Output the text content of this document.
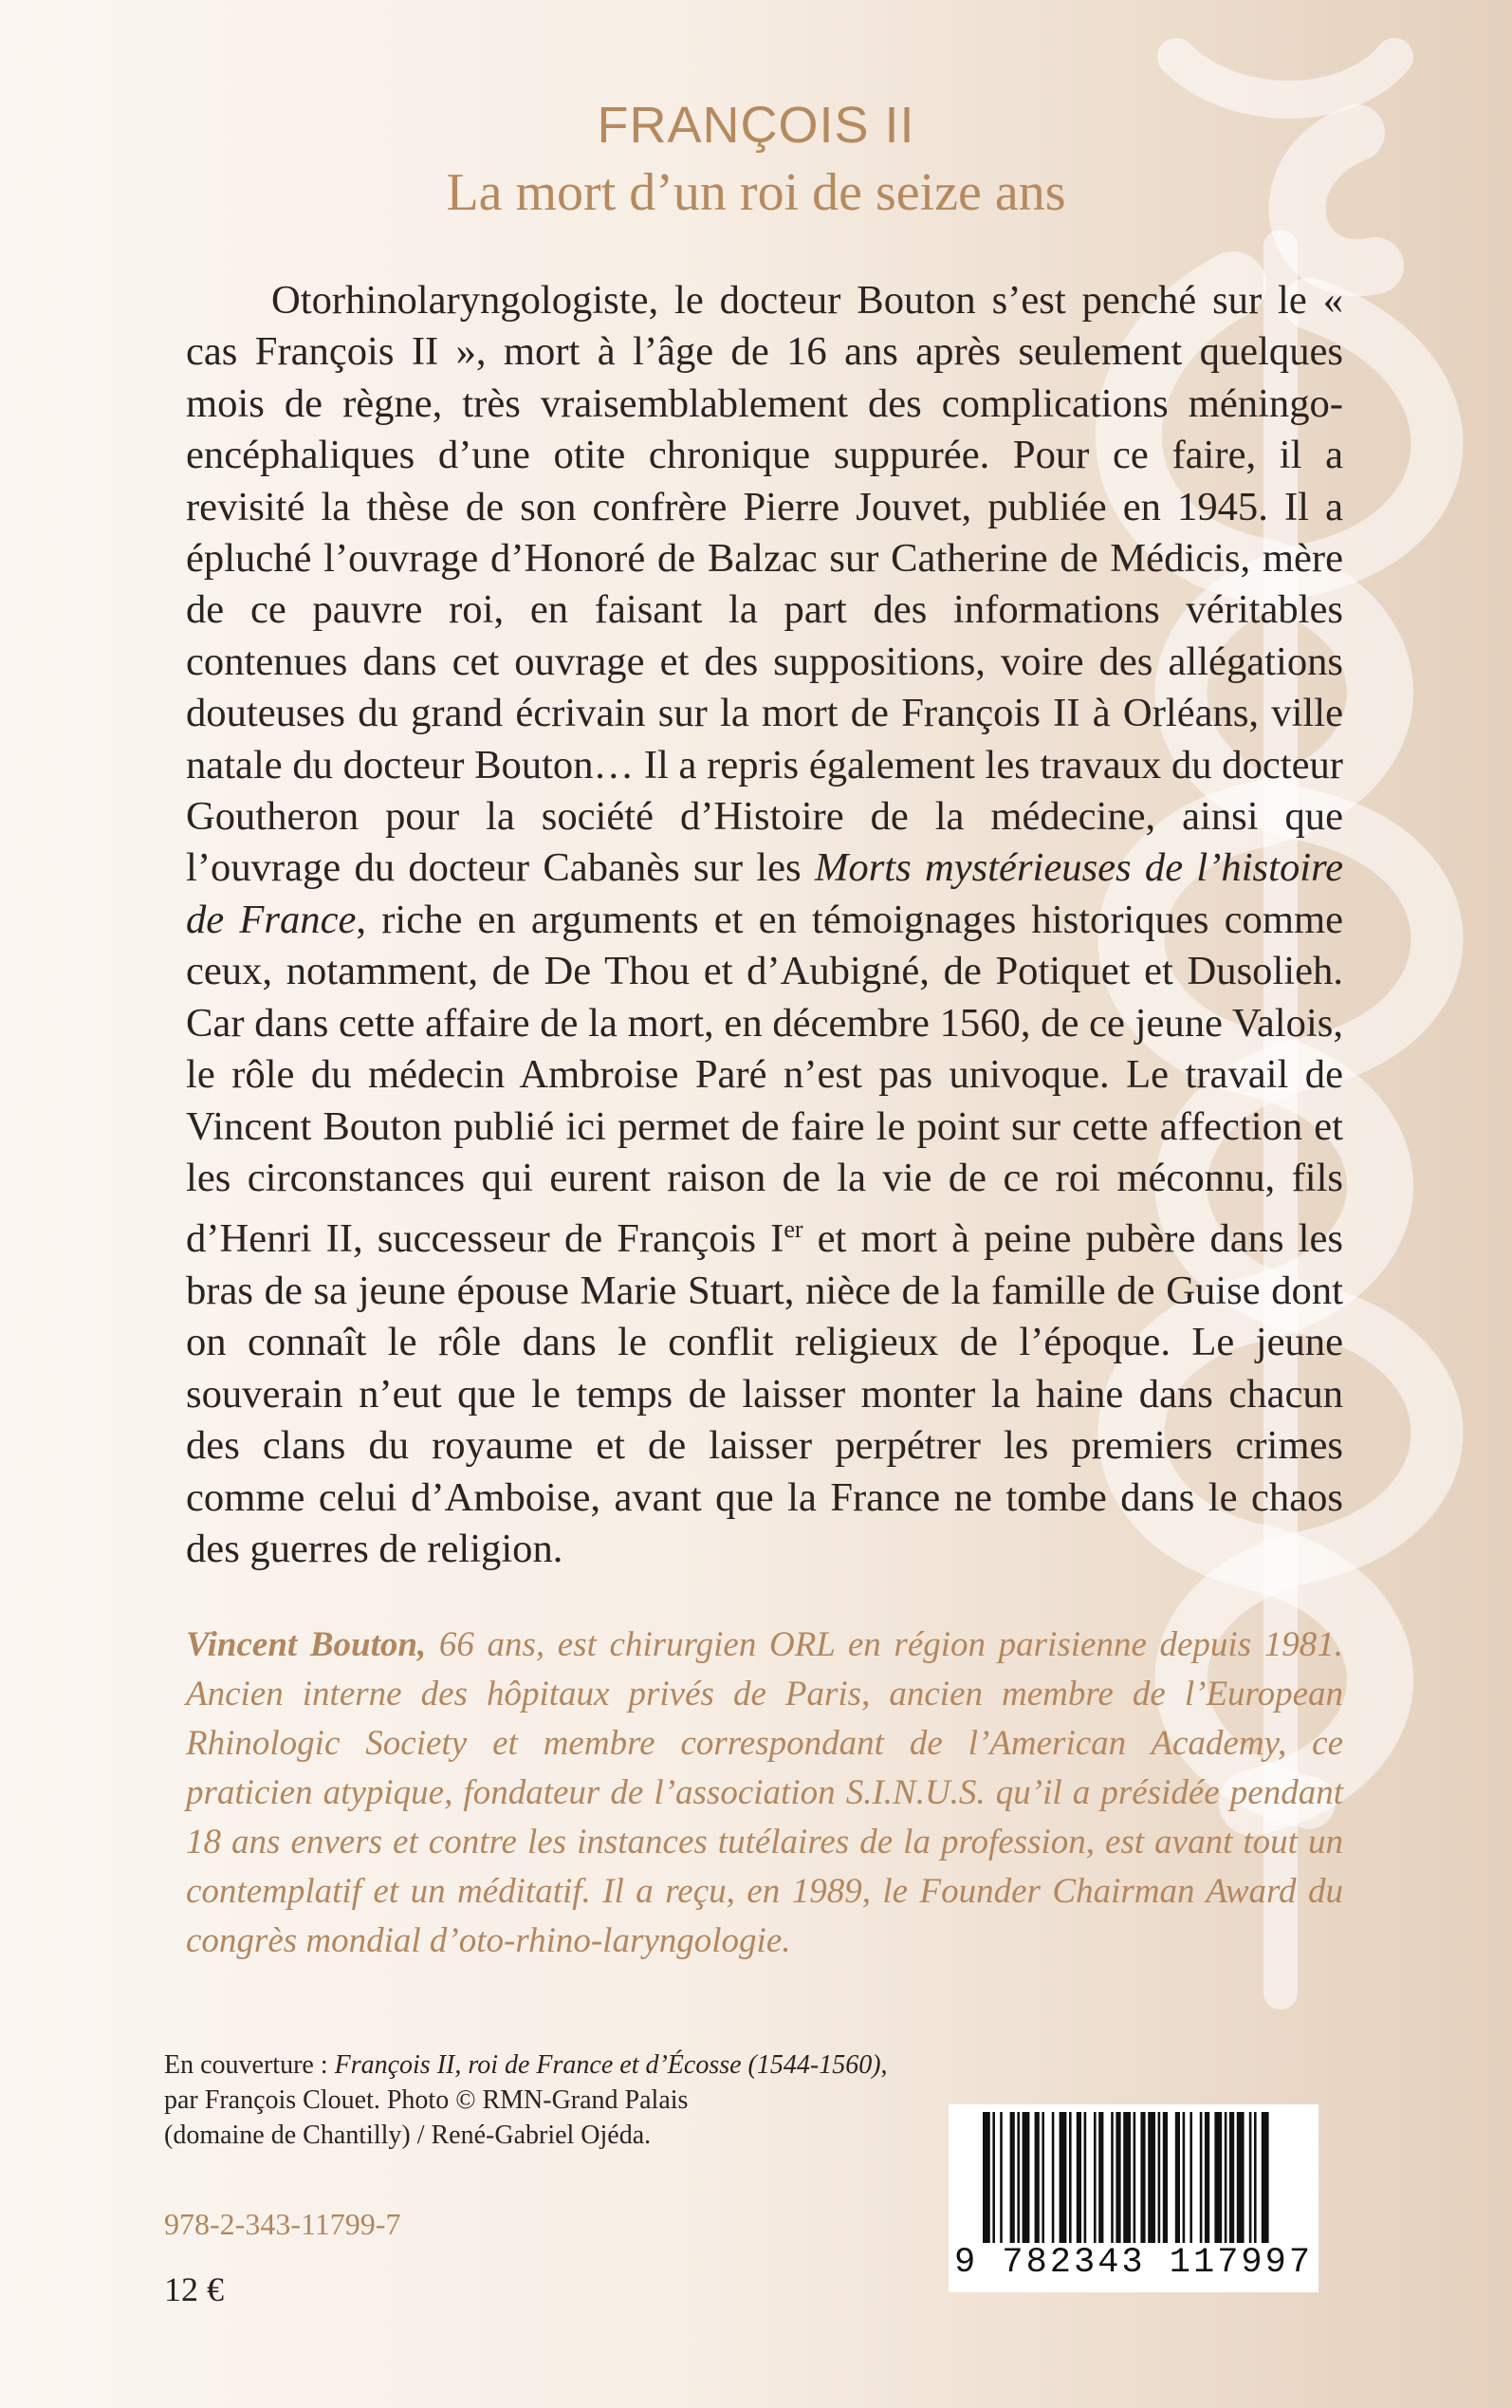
FRANÇOIS II
La mort d’un roi de seize ans

Otorhinolaryngologiste, le docteur Bouton s’est penché sur le « cas François II », mort à l’âge de 16 ans après seulement quelques mois de règne, très vraisemblablement des complications méningo-encéphaliques d’une otite chronique suppurée. Pour ce faire, il a revisité la thèse de son confrère Pierre Jouvet, publiée en 1945. Il a épluché l’ouvrage d’Honoré de Balzac sur Catherine de Médicis, mère de ce pauvre roi, en faisant la part des informations véritables contenues dans cet ouvrage et des suppositions, voire des allégations douteuses du grand écrivain sur la mort de François II à Orléans, ville natale du docteur Bouton… Il a repris également les travaux du docteur Goutheron pour la société d’Histoire de la médecine, ainsi que l’ouvrage du docteur Cabanès sur les Morts mystérieuses de l’histoire de France, riche en arguments et en témoignages historiques comme ceux, notamment, de De Thou et d’Aubigné, de Potiquet et Dusolieh. Car dans cette affaire de la mort, en décembre 1560, de ce jeune Valois, le rôle du médecin Ambroise Paré n’est pas univoque. Le travail de Vincent Bouton publié ici permet de faire le point sur cette affection et les circonstances qui eurent raison de la vie de ce roi méconnu, fils d’Henri II, successeur de François Ier et mort à peine pubère dans les bras de sa jeune épouse Marie Stuart, nièce de la famille de Guise dont on connaît le rôle dans le conflit religieux de l’époque. Le jeune souverain n’eut que le temps de laisser monter la haine dans chacun des clans du royaume et de laisser perpétrer les premiers crimes comme celui d’Amboise, avant que la France ne tombe dans le chaos des guerres de religion.

Vincent Bouton, 66 ans, est chirurgien ORL en région parisienne depuis 1981. Ancien interne des hôpitaux privés de Paris, ancien membre de l’European Rhinologic Society et membre correspondant de l’American Academy, ce praticien atypique, fondateur de l’association S.I.N.U.S. qu’il a présidée pendant 18 ans envers et contre les instances tutélaires de la profession, est avant tout un contemplatif et un méditatif. Il a reçu, en 1989, le Founder Chairman Award du congrès mondial d’oto-rhino-laryngologie.
En couverture : François II, roi de France et d’Écosse (1544-1560),
par François Clouet. Photo © RMN-Grand Palais
(domaine de Chantilly) / René-Gabriel Ojéda.
978-2-343-11799-7
12 €
9 782343 117997
